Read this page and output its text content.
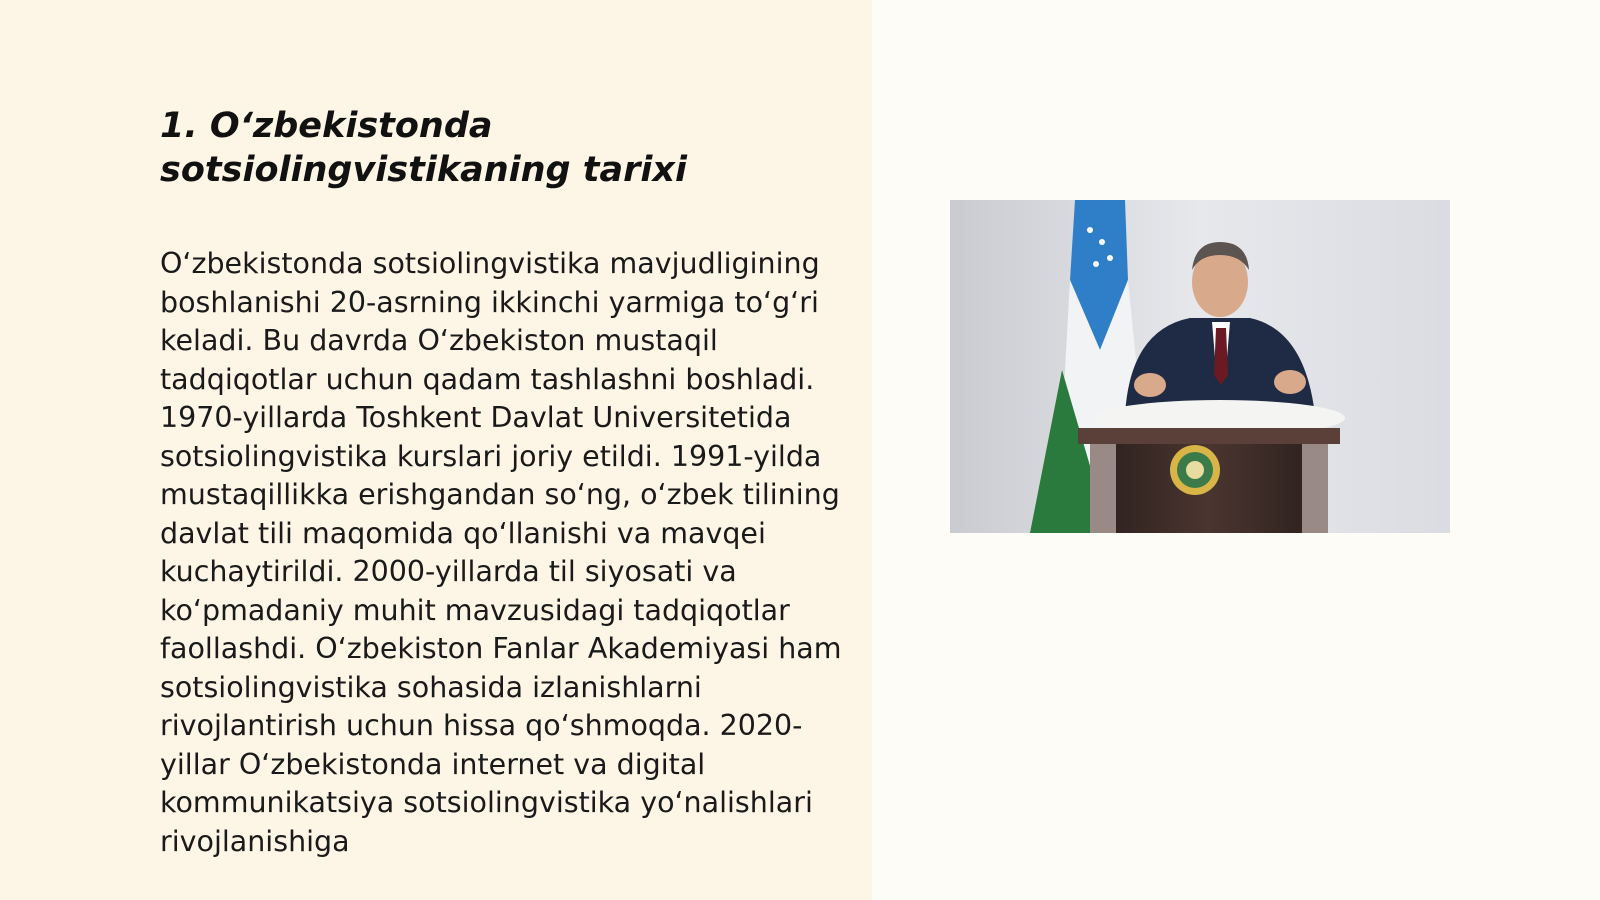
1. O‘zbekistonda sotsiolingvistikaning tarixi

O‘zbekistonda sotsiolingvistika mavjudligining boshlanishi 20-asrning ikkinchi yarmiga to‘g‘ri keladi. Bu davrda O‘zbekiston mustaqil tadqiqotlar uchun qadam tashlashni boshladi. 1970-yillarda Toshkent Davlat Universitetida sotsiolingvistika kurslari joriy etildi. 1991-yilda mustaqillikka erishgandan so‘ng, o‘zbek tilining davlat tili maqomida qo‘llanishi va mavqei kuchaytirildi. 2000-yillarda til siyosati va ko‘pmadaniy muhit mavzusidagi tadqiqotlar faollashdi. O‘zbekiston Fanlar Akademiyasi ham sotsiolingvistika sohasida izlanishlarni rivojlantirish uchun hissa qo‘shmoqda. 2020-yillar O‘zbekistonda internet va digital kommunikatsiya sotsiolingvistika yo‘nalishlari rivojlanishiga
